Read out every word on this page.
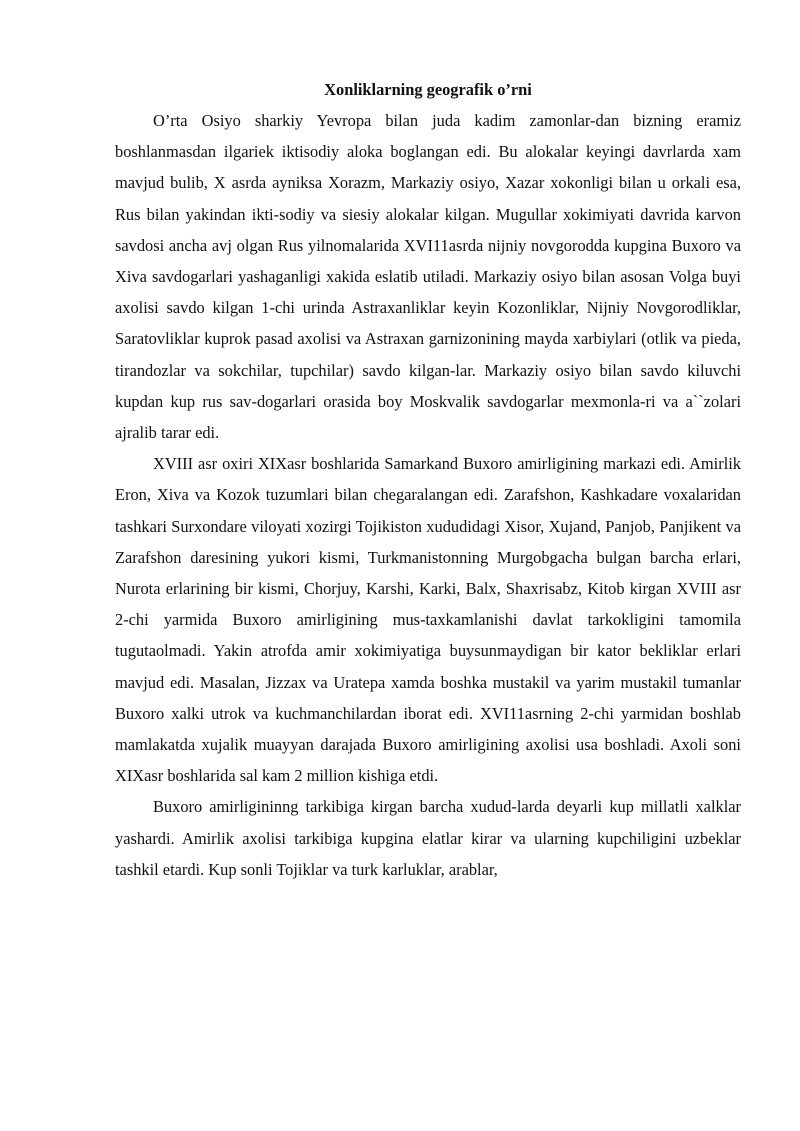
Xonliklarning geografik o’rni

O’rta Osiyo sharkiy Yevropa bilan juda kadim zamonlar-dan bizning eramiz boshlanmasdan ilgariek iktisodiy aloka boglangan edi. Bu alokalar keyingi davrlarda xam mavjud bulib, X asrda ayniksa Xorazm, Markaziy osiyo, Xazar xokonligi bilan u orkali esa, Rus bilan yakindan ikti-sodiy va siesiy alokalar kilgan. Mugullar xokimiyati davrida karvon savdosi ancha avj olgan Rus yilnomalarida XVI11asrda nijniy novgorodda kupgina Buxoro va Xiva savdogarlari yashaganligi xakida eslatib utiladi. Markaziy osiyo bilan asosan Volga buyi axolisi savdo kilgan 1-chi urinda Astraxanliklar keyin Kozonliklar, Nijniy Novgorodliklar, Saratovliklar kuprok pasad axolisi va Astraxan garnizonining mayda xarbiylari (otlik va pieda, tirandozlar va sokchilar, tupchilar) savdo kilgan-lar. Markaziy osiyo bilan savdo kiluvchi kupdan kup rus sav-dogarlari orasida boy Moskvalik savdogarlar mexmonla-ri va a``zolari ajralib tarar edi.

XVIII asr oxiri XIXasr boshlarida Samarkand Buxoro amirligining markazi edi. Amirlik Eron, Xiva va Kozok tuzumlari bilan chegaralangan edi. Zarafshon, Kashkadare voxalaridan tashkari Surxondare viloyati xozirgi Tojikiston xududidagi Xisor, Xujand, Panjob, Panjikent va Zarafshon daresining yukori kismi, Turkmanistonning Murgobgacha bulgan barcha erlari, Nurota erlarining bir kismi, Chorjuy, Karshi, Karki, Balx, Shaxrisabz, Kitob kirgan XVIII asr 2-chi yarmida Buxoro amirligining mus-taxkamlanishi davlat tarkokligini tamomila tugutaolmadi. Yakin atrofda amir xokimiyatiga buysunmaydigan bir kator bekliklar erlari mavjud edi. Masalan, Jizzax va Uratepa xamda boshka mustakil va yarim mustakil tumanlar Buxoro xalki utrok va kuchmanchilardan iborat edi. XVI11asrning 2-chi yarmidan boshlab mamlakatda xujalik muayyan darajada Buxoro amirligining axolisi usa boshladi. Axoli soni XIXasr boshlarida sal kam 2 million kishiga etdi.

Buxoro amirligininng tarkibiga kirgan barcha xudud-larda deyarli kup millatli xalklar yashardi. Amirlik axolisi tarkibiga kupgina elatlar kirar va ularning kupchiligini uzbeklar tashkil etardi. Kup sonli Tojiklar va turk karluklar, arablar,
